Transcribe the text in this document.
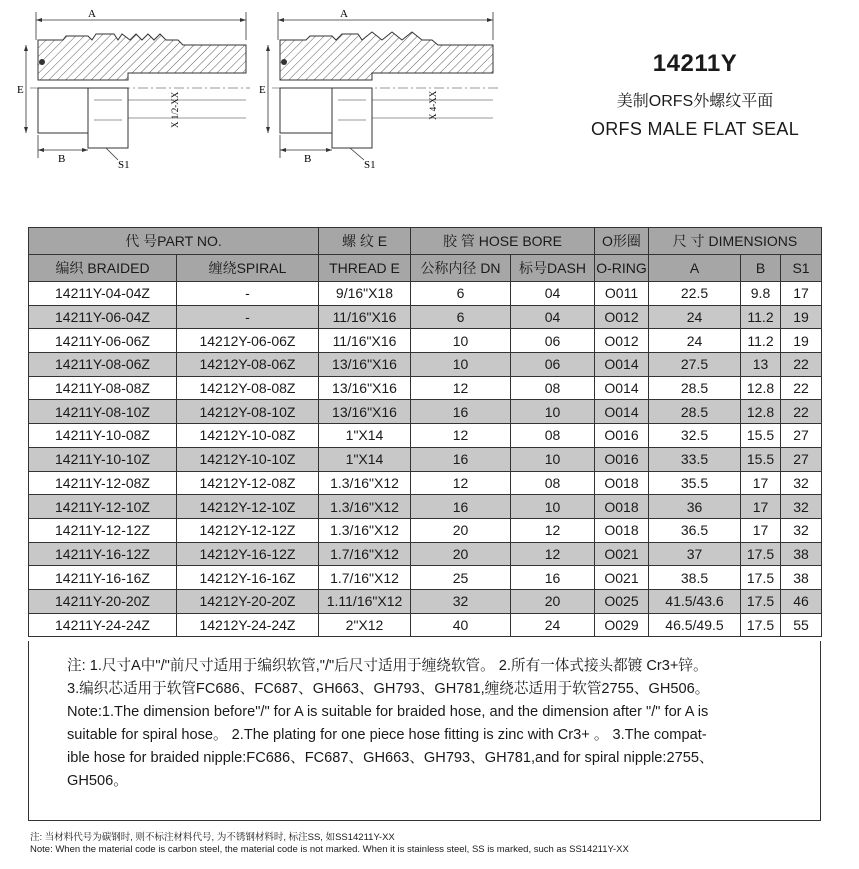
A
E
X 1/2-XX
B	S1
A
E
X 4-XX
B	S1
14211Y
美制ORFS外螺纹平面
ORFS MALE FLAT SEAL
代 号PART NO.		螺 纹 E	胶 管 HOSE BORE		O形圈	尺 寸 DIMENSIONS		
编织 BRAIDED	缠绕SPIRAL	THREAD E	公称内径 DN	标号DASH	O-RING	A	B	S1
14211Y-04-04Z	-	9/16"X18	6	04	O011	22.5	9.8	17
14211Y-06-04Z	-	11/16"X16	6	04	O012	24	11.2	19
14211Y-06-06Z	14212Y-06-06Z	11/16"X16	10	06	O012	24	11.2	19
14211Y-08-06Z	14212Y-08-06Z	13/16"X16	10	06	O014	27.5	13	22
14211Y-08-08Z	14212Y-08-08Z	13/16"X16	12	08	O014	28.5	12.8	22
14211Y-08-10Z	14212Y-08-10Z	13/16"X16	16	10	O014	28.5	12.8	22
14211Y-10-08Z	14212Y-10-08Z	1"X14	12	08	O016	32.5	15.5	27
14211Y-10-10Z	14212Y-10-10Z	1"X14	16	10	O016	33.5	15.5	27
14211Y-12-08Z	14212Y-12-08Z	1.3/16"X12	12	08	O018	35.5	17	32
14211Y-12-10Z	14212Y-12-10Z	1.3/16"X12	16	10	O018	36	17	32
14211Y-12-12Z	14212Y-12-12Z	1.3/16"X12	20	12	O018	36.5	17	32
14211Y-16-12Z	14212Y-16-12Z	1.7/16"X12	20	12	O021	37	17.5	38
14211Y-16-16Z	14212Y-16-16Z	1.7/16"X12	25	16	O021	38.5	17.5	38
14211Y-20-20Z	14212Y-20-20Z	1.11/16"X12	32	20	O025	41.5/43.6	17.5	46
14211Y-24-24Z	14212Y-24-24Z	2"X12	40	24	O029	46.5/49.5	17.5	55

注: 1.尺寸A中"/"前尺寸适用于编织软管,"/"后尺寸适用于缠绕软管。 2.所有一体式接头都镀 Cr3+锌。

3.编织芯适用于软管FC686、FC687、GH663、GH793、GH781,缠绕芯适用于软管2755、GH506。

Note:1.The dimension before"/" for A is suitable for braided hose, and the dimension after "/" for A is

suitable for spiral hose。 2.The plating for one piece hose fitting is zinc with Cr3+ 。 3.The compat-

ible hose for braided nipple:FC686、FC687、GH663、GH793、GH781,and for spiral nipple:2755、

GH506。

注: 当材料代号为碳钢时, 则不标注材料代号, 为不锈钢材料时, 标注SS, 如SS14211Y-XX
Note: When the material code is carbon steel, the material code is not marked. When it is stainless steel, SS is marked, such as SS14211Y-XX
